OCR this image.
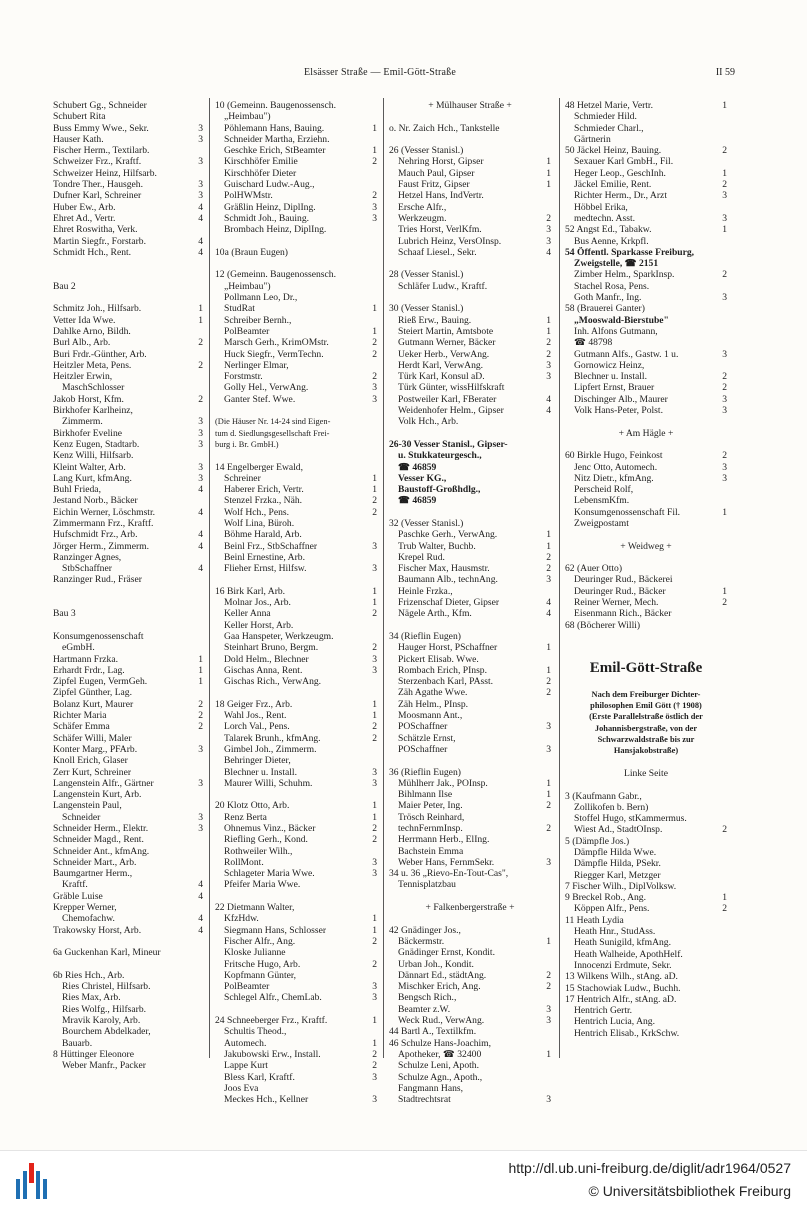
Elsässer Straße — Emil-Gött-Straße	II 59
Schubert Gg., Schneider
Schubert Rita
Buss Emmy Wwe., Sekr.	3
Hauser Kath.	3
Fischer Herm., Textilarb.
Schweizer Frz., Kraftf.	3
Schweizer Heinz, Hilfsarb.
Tondre Ther., Hausgeh.	3
Dufner Karl, Schreiner	3
Huber Ew., Arb.	4
Ehret Ad., Vertr.	4
Ehret Roswitha, Verk.
Martin Siegfr., Forstarb.	4
Schmidt Hch., Rent.	4
Bau 2
Schmitz Joh., Hilfsarb.	1
Vetter Ida Wwe.	1
Dahlke Arno, Bildh.
Burl Alb., Arb.	2
Buri Frdr.-Günther, Arb.
Heitzler Meta, Pens.	2
Heitzler Erwin,
MaschSchlosser
Jakob Horst, Kfm.	2
Birkhofer Karlheinz,
Zimmerm.	3
Birkhofer Eveline	3
Kenz Eugen, Stadtarb.	3
Kenz Willi, Hilfsarb.
Kleint Walter, Arb.	3
Lang Kurt, kfmAng.	3
Buhl Frieda,	4
Jestand Norb., Bäcker
Eichin Werner, Löschmstr.	4
Zimmermann Frz., Kraftf.
Hufschmidt Frz., Arb.	4
Jörger Herm., Zimmerm.	4
Ranzinger Agnes,
StbSchaffner	4
Ranzinger Rud., Fräser
Bau 3
Konsumgenossenschaft
eGmbH.
Hartmann Frzka.	1
Erhardt Frdr., Lag.	1
Zipfel Eugen, VermGeh.	1
Zipfel Günther, Lag.
Bolanz Kurt, Maurer	2
Richter Maria	2
Schäfer Emma	2
Schäfer Willi, Maler
Konter Marg., PFArb.	3
Knoll Erich, Glaser
Zerr Kurt, Schreiner
Langenstein Alfr., Gärtner	3
Langenstein Kurt, Arb.
Langenstein Paul,
Schneider	3
Schneider Herm., Elektr.	3
Schneider Magd., Rent.
Schneider Ant., kfmAng.
Schneider Mart., Arb.
Baumgartner Herm.,
Kraftf.	4
Gräble Luise	4
Krepper Werner,
Chemofachw.	4
Trakowsky Horst, Arb.	4
6a Guckenhan Karl, Mineur
6b Ries Hch., Arb.
Ries Christel, Hilfsarb.
Ries Max, Arb.
Ries Wolfg., Hilfsarb.
Mravik Karoly, Arb.
Bourchem Abdelkader,
Bauarb.
8 Hüttinger Eleonore
Weber Manfr., Packer
10 (Gemeinn. Baugenossensch.
„Heimbau")
Pöhlemann Hans, Bauing.	1
Schneider Martha, Erziehn.
Geschke Erich, StBeamter	1
Kirschhöfer Emilie	2
Kirschhöfer Dieter
Guischard Ludw.-Aug.,
PolHWMstr.	2
Gräßlin Heinz, DiplIng.	3
Schmidt Joh., Bauing.	3
Brombach Heinz, DiplIng.
10a (Braun Eugen)
12 (Gemeinn. Baugenossensch.
„Heimbau")
Pollmann Leo, Dr.,
StudRat	1
Schreiber Bernh.,
PolBeamter	1
Marsch Gerh., KrimOMstr.	2
Huck Siegfr., VermTechn.	2
Nerlinger Elmar,
Forstmstr.	2
Golly Hel., VerwAng.	3
Ganter Stef. Wwe.	3
(Die Häuser Nr. 14-24 sind Eigen-
tum d. Siedlungsgesellschaft Frei-
burg i. Br. GmbH.)
14 Engelberger Ewald,
Schreiner	1
Haberer Erich, Vertr.	1
Stenzel Frzka., Näh.	2
Wolf Hch., Pens.	2
Wolf Lina, Büroh.
Böhme Harald, Arb.
Beinl Frz., StbSchaffner	3
Beinl Ernestine, Arb.
Flieher Ernst, Hilfsw.	3
16 Birk Karl, Arb.	1
Molnar Jos., Arb.	1
Keller Anna	2
Keller Horst, Arb.
Gaa Hanspeter, Werkzeugm.
Steinhart Bruno, Bergm.	2
Dold Helm., Blechner	3
Gischas Anna, Rent.	3
Gischas Rich., VerwAng.
18 Geiger Frz., Arb.	1
Wahl Jos., Rent.	1
Lorch Val., Pens.	2
Talarek Brunh., kfmAng.	2
Gimbel Joh., Zimmerm.
Behringer Dieter,
Blechner u. Install.	3
Maurer Willi, Schuhm.	3
20 Klotz Otto, Arb.	1
Renz Berta	1
Ohnemus Vinz., Bäcker	2
Riefling Gerh., Kond.	2
Rothweiler Wilh.,
RollMont.	3
Schlageter Maria Wwe.	3
Pfeifer Maria Wwe.
22 Dietmann Walter,
KfzHdw.	1
Siegmann Hans, Schlosser	1
Fischer Alfr., Ang.	2
Kloske Julianne
Fritsche Hugo, Arb.	2
Kopfmann Günter,
PolBeamter	3
Schlegel Alfr., ChemLab.	3
24 Schneeberger Frz., Kraftf.	1
Schultis Theod.,
Automech.	1
Jakubowski Erw., Install.	2
Lappe Kurt	2
Bless Karl, Kraftf.	3
Joos Eva
Meckes Hch., Kellner	3
+ Mülhauser Straße +
o. Nr. Zaich Hch., Tankstelle
26 (Vesser Stanisl.)
Nehring Horst, Gipser	1
Mauch Paul, Gipser	1
Faust Fritz, Gipser	1
Hetzel Hans, IndVertr.
Ersche Alfr.,
Werkzeugm.	2
Tries Horst, VerlKfm.	3
Lubrich Heinz, VersOInsp.	3
Schaaf Liesel., Sekr.	4
28 (Vesser Stanisl.)
Schläfer Ludw., Kraftf.
30 (Vesser Stanisl.)
Rieß Erw., Bauing.	1
Steiert Martin, Amtsbote	1
Gutmann Werner, Bäcker	2
Ueker Herb., VerwAng.	2
Herdt Karl, VerwAng.	3
Türk Karl, Konsul aD.	3
Türk Günter, wissHilfskraft
Postweiler Karl, FBerater	4
Weidenhofer Helm., Gipser	4
Volk Hch., Arb.
26-30 Vesser Stanisl., Gipser-
u. Stukkateurgesch.,
☎ 46859
Vesser KG.,
Baustoff-Großhdlg.,
☎ 46859
32 (Vesser Stanisl.)
Paschke Gerh., VerwAng.	1
Trub Walter, Buchb.	1
Krepel Rud.	2
Fischer Max, Hausmstr.	2
Baumann Alb., technAng.	3
Heinle Frzka.,
Frizenschaf Dieter, Gipser	4
Nägele Arth., Kfm.	4
34 (Rieflin Eugen)
Hauger Horst, PSchaffner	1
Pickert Elisab. Wwe.
Rombach Erich, PInsp.	1
Sterzenbach Karl, PAsst.	2
Zäh Agathe Wwe.	2
Zäh Helm., PInsp.
Moosmann Ant.,
POSchaffner	3
Schätzle Ernst,
POSchaffner	3
36 (Rieflin Eugen)
Mühlherr Jak., POInsp.	1
Bihlmann Ilse	1
Maier Peter, Ing.	2
Trösch Reinhard,
technFernmInsp.	2
Herrmann Herb., ElIng.
Bachstein Emma
Weber Hans, FernmSekr.	3
34 u. 36 „Rievo-En-Tout-Cas",
Tennisplatzbau
+ Falkenbergerstraße +
42 Gnädinger Jos.,
Bäckermstr.	1
Gnädinger Ernst, Kondit.
Urban Joh., Kondit.
Dännart Ed., städtAng.	2
Mischker Erich, Ang.	2
Bengsch Rich.,
Beamter z.W.	3
Weck Rud., VerwAng.	3
44 Bartl A., Textilkfm.
46 Schulze Hans-Joachim,
Apotheker, ☎ 32400	1
Schulze Leni, Apoth.
Schulze Agn., Apoth.,
Fangmann Hans,
Stadtrechtsrat	3
48 Hetzel Marie, Vertr.	1
Schmieder Hild.
Schmieder Charl.,
Gärtnerin
50 Jäckel Heinz, Bauing.	2
Sexauer Karl GmbH., Fil.
Heger Leop., GeschInh.	1
Jäckel Emilie, Rent.	2
Richter Herm., Dr., Arzt	3
Höbbel Erika,
medtechn. Asst.	3
52 Angst Ed., Tabakw.	1
Bus Aenne, Krkpfl.
54 Öffentl. Sparkasse Freiburg,
Zweigstelle, ☎ 2151
Zimber Helm., SparkInsp.	2
Stachel Rosa, Pens.
Goth Manfr., Ing.	3
58 (Brauerei Ganter)
„Mooswald-Bierstube"
Inh. Alfons Gutmann,
☎ 48798
Gutmann Alfs., Gastw. 1 u.	3
Gornowicz Heinz,
Blechner u. Install.	2
Lipfert Ernst, Brauer	2
Dischinger Alb., Maurer	3
Volk Hans-Peter, Polst.	3
+ Am Hägle +
60 Birkle Hugo, Feinkost	2
Jenc Otto, Automech.	3
Nitz Dietr., kfmAng.	3
Perscheid Rolf,
LebensmKfm.
Konsumgenossenschaft Fil.	1
Zweigpostamt
+ Weidweg +
62 (Auer Otto)
Deuringer Rud., Bäckerei
Deuringer Rud., Bäcker	1
Reiner Werner, Mech.	2
Eisenmann Rich., Bäcker
68 (Böcherer Willi)
Emil-Gött-Straße
Nach dem Freiburger Dichter-
philosophen Emil Gött († 1908)
(Erste Parallelstraße östlich der
Johannisbergstraße, von der
Schwarzwaldstraße bis zur
Hansjakobstraße)
Linke Seite
3 (Kaufmann Gabr.,
Zollikofen b. Bern)
Stoffel Hugo, stKammermus.
Wiest Ad., StadtOInsp.	2
5 (Dämpfle Jos.)
Dämpfle Hilda Wwe.
Dämpfle Hilda, PSekr.
Riegger Karl, Metzger
7 Fischer Wilh., DiplVolksw.
9 Breckel Rob., Ang.	1
Köppen Alfr., Pens.	2
11 Heath Lydia
Heath Hnr., StudAss.
Heath Sunigild, kfmAng.
Heath Walheide, ApothHelf.
Innocenzi Erdmute, Sekr.
13 Wilkens Wilh., stAng. aD.
15 Stachowiak Ludw., Buchh.
17 Hentrich Alfr., stAng. aD.
Hentrich Gertr.
Hentrich Lucia, Ang.
Hentrich Elisab., KrkSchw.
http://dl.ub.uni-freiburg.de/diglit/adr1964/0527
© Universitätsbibliothek Freiburg
